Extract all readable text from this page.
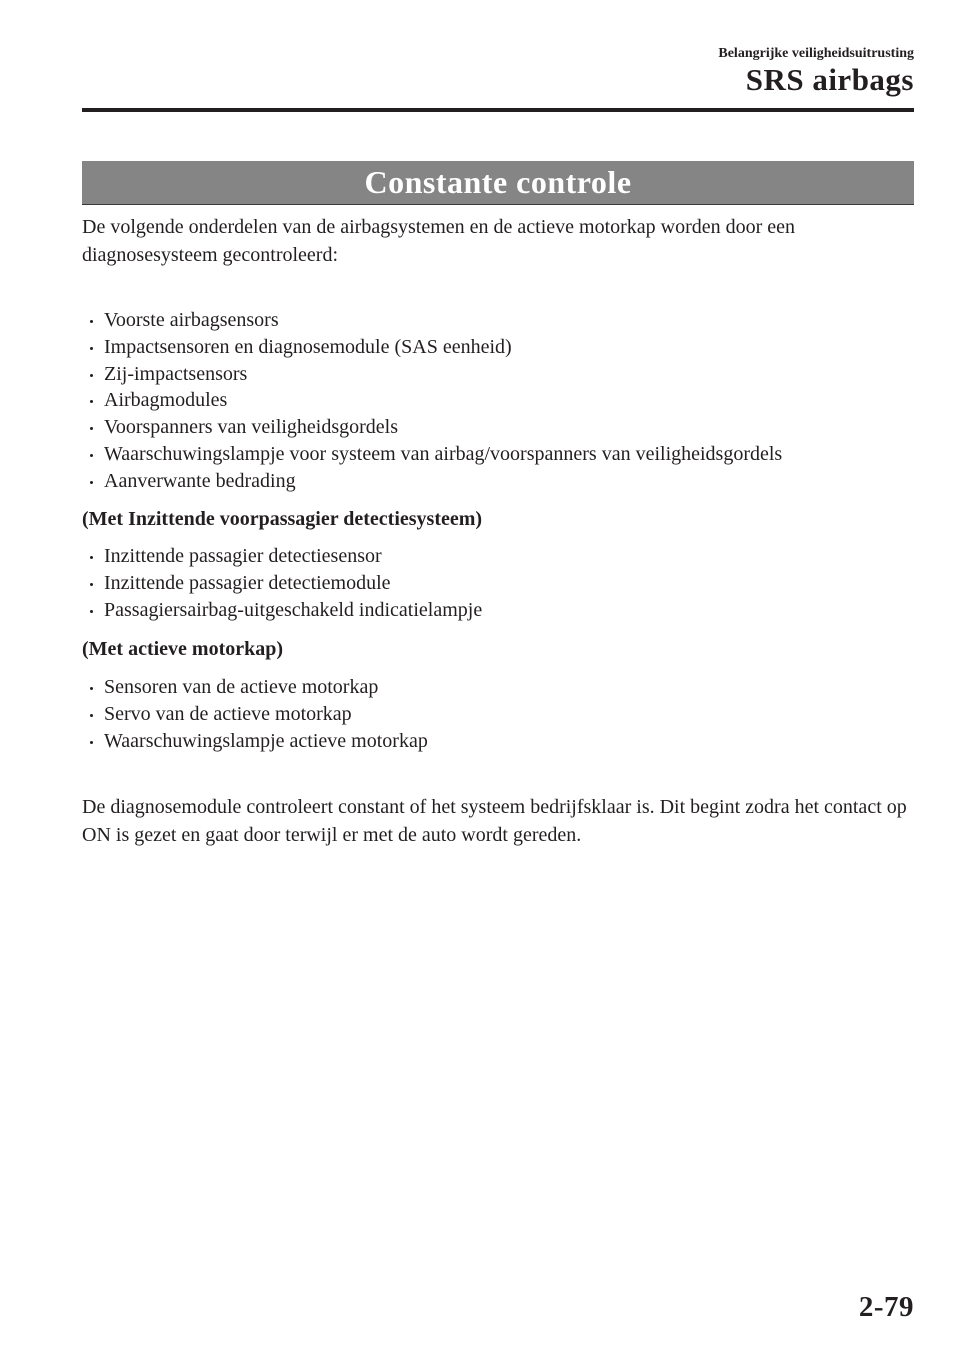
Belangrijke veiligheidsuitrusting
SRS airbags
Constante controle

De volgende onderdelen van de airbagsystemen en de actieve motorkap worden door een diagnosesysteem gecontroleerd:

Voorste airbagsensors
Impactsensoren en diagnosemodule (SAS eenheid)
Zij-impactsensors
Airbagmodules
Voorspanners van veiligheidsgordels
Waarschuwingslampje voor systeem van airbag/voorspanners van veiligheidsgordels
Aanverwante bedrading
(Met Inzittende voorpassagier detectiesysteem)
Inzittende passagier detectiesensor
Inzittende passagier detectiemodule
Passagiersairbag-uitgeschakeld indicatielampje
(Met actieve motorkap)
Sensoren van de actieve motorkap
Servo van de actieve motorkap
Waarschuwingslampje actieve motorkap

De diagnosemodule controleert constant of het systeem bedrijfsklaar is. Dit begint zodra het contact op ON is gezet en gaat door terwijl er met de auto wordt gereden.

2-79
